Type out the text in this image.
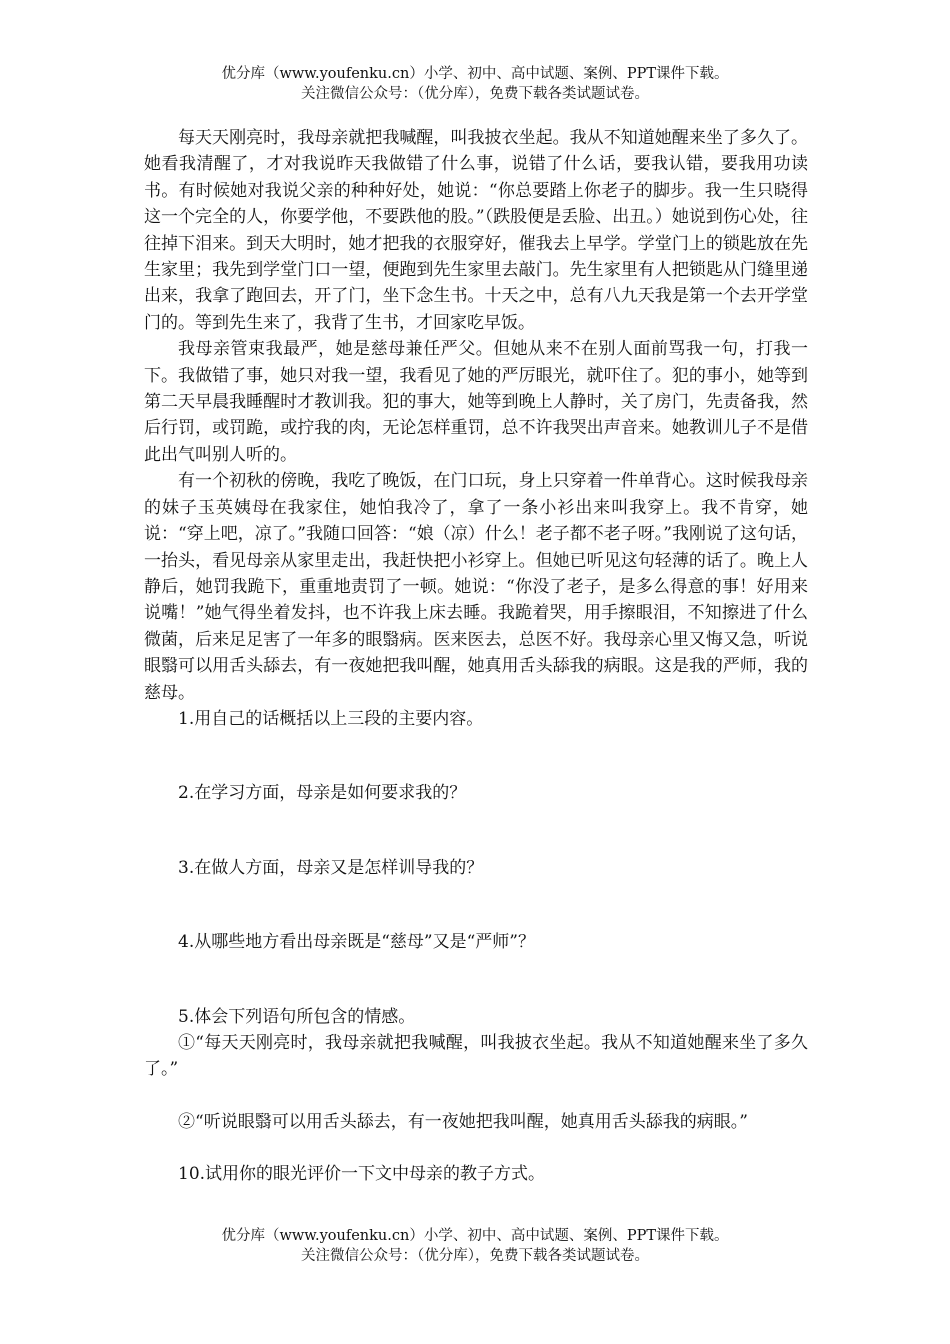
优分库（www.youfenku.cn）小学、初中、高中试题、案例、PPT课件下载。
关注微信公众号：（优分库），免费下载各类试题试卷。

每天天刚亮时，我母亲就把我喊醒，叫我披衣坐起。我从不知道她醒来坐了多久了。她看我清醒了，才对我说昨天我做错了什么事，说错了什么话，要我认错，要我用功读书。有时候她对我说父亲的种种好处，她说：“你总要踏上你老子的脚步。我一生只晓得这一个完全的人，你要学他，不要跌他的股。”（跌股便是丢脸、出丑。）她说到伤心处，往往掉下泪来。到天大明时，她才把我的衣服穿好，催我去上早学。学堂门上的锁匙放在先生家里；我先到学堂门口一望，便跑到先生家里去敲门。先生家里有人把锁匙从门缝里递出来，我拿了跑回去，开了门，坐下念生书。十天之中，总有八九天我是第一个去开学堂门的。等到先生来了，我背了生书，才回家吃早饭。

我母亲管束我最严，她是慈母兼任严父。但她从来不在别人面前骂我一句，打我一下。我做错了事，她只对我一望，我看见了她的严厉眼光，就吓住了。犯的事小，她等到第二天早晨我睡醒时才教训我。犯的事大，她等到晚上人静时，关了房门，先责备我，然后行罚，或罚跪，或拧我的肉，无论怎样重罚，总不许我哭出声音来。她教训儿子不是借此出气叫别人听的。

有一个初秋的傍晚，我吃了晚饭，在门口玩，身上只穿着一件单背心。这时候我母亲的妹子玉英姨母在我家住，她怕我冷了，拿了一条小衫出来叫我穿上。我不肯穿，她说：“穿上吧，凉了。”我随口回答：“娘（凉）什么！老子都不老子呀。”我刚说了这句话，一抬头，看见母亲从家里走出，我赶快把小衫穿上。但她已听见这句轻薄的话了。晚上人静后，她罚我跪下，重重地责罚了一顿。她说：“你没了老子，是多么得意的事！好用来说嘴！”她气得坐着发抖，也不许我上床去睡。我跪着哭，用手擦眼泪，不知擦进了什么微菌，后来足足害了一年多的眼翳病。医来医去，总医不好。我母亲心里又悔又急，听说眼翳可以用舌头舔去，有一夜她把我叫醒，她真用舌头舔我的病眼。这是我的严师，我的慈母。

1.用自己的话概括以上三段的主要内容。

2.在学习方面，母亲是如何要求我的？

3.在做人方面，母亲又是怎样训导我的？

4.从哪些地方看出母亲既是“慈母”又是“严师”？

5.体会下列语句所包含的情感。

①“每天天刚亮时，我母亲就把我喊醒，叫我披衣坐起。我从不知道她醒来坐了多久了。”

②“听说眼翳可以用舌头舔去，有一夜她把我叫醒，她真用舌头舔我的病眼。”

10.试用你的眼光评价一下文中母亲的教子方式。

优分库（www.youfenku.cn）小学、初中、高中试题、案例、PPT课件下载。
关注微信公众号：（优分库），免费下载各类试题试卷。
